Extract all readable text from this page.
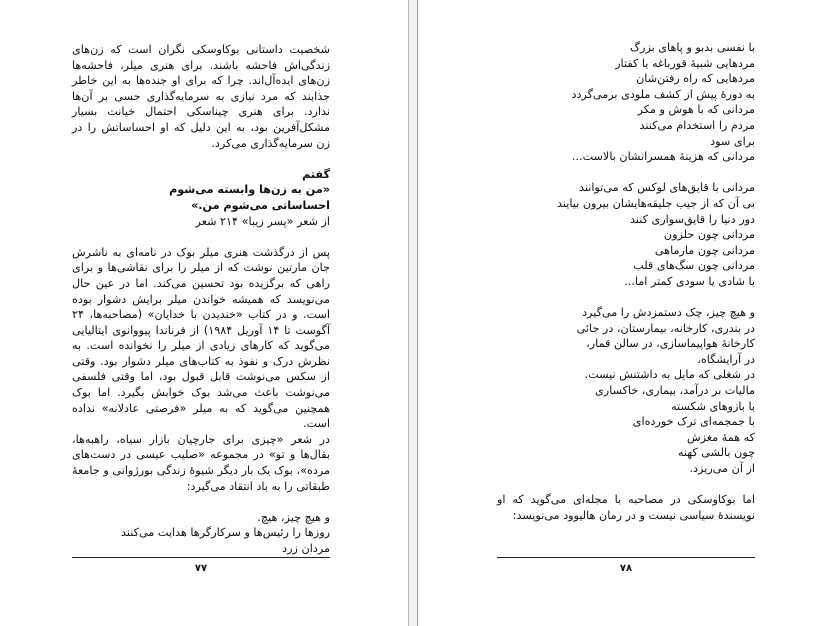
شخصیت داستانی بوکاوسکی نگران است که زن‌های زندگی‌اش فاحشه باشند. برای هنری میلر، فاحشه‌ها زن‌های ایده‌آل‌اند. چرا که برای او جنده‌ها به این خاطر جذابند که مرد نیازی به سرمایه‌گذاری حسی بر آن‌ها ندارد. برای هنری چیناسکی احتمال خیانت بسیار مشکل‌آفرین بود، به این دلیل که او احساساتش را در زن سرمایه‌گذاری می‌کرد.

گفتم

«من به زن‌ها وابسته می‌شوم

احساساتی می‌شوم من.»

از شعر «پسر زیبا» ۲۱۴ شعر

پس از درگذشت هنری میلر بوک در نامه‌ای به ناشرش جان مارتین نوشت که از میلر را برای نقاشی‌ها و برای راهی که برگزیده بود تحسین می‌کند. اما در عین حال می‌نویسد که همیشه خواندن میلر برایش دشوار بوده است. و در کتاب «خندیدن با خدایان» (مصاحبه‌ها، ۲۴ آگوست تا ۱۴ آوریل ۱۹۸۴) از فرناندا پیووانوی ایتالیایی می‌گوید که کارهای زیادی از میلر را نخوانده است. به نظرش درک و نفوذ به کتاب‌های میلر دشوار بود. وقتی از سکس می‌نوشت قابل قبول بود، اما وقتی فلسفی می‌نوشت باعث می‌شد بوک خوابش بگیرد. اما بوک همچنین می‌گوید که به میلر «فرصتی عادلانه» نداده است.

در شعر «چیزی برای جارچیان بازار سیاه، راهبه‌ها، بقال‌ها و تو» در مجموعه «صلیب عیسی در دست‌های مرده»، بوک یک بار دیگر شیوهٔ زندگی بورژوانی و جامعهٔ طبقاتی را به باد انتقاد می‌گیرد:

و هیچ چیز، هیچ.

روزها را رئیس‌ها و سرکارگرها هدایت می‌کنند

مردان زرد

۷۷

با نفسی بدبو و پاهای بزرگ

مردهایی شبیهٔ قورباغه یا کفتار

مردهایی که راه رفتن‌شان

به دورهٔ پیش از کشف ملودی برمی‌گردد

مردانی که با هوش و مکر

مردم را استخدام می‌کنند

برای سود

مردانی که هزینهٔ همسرانشان بالاست...

مردانی با قایق‌های لوکس که می‌توانند

بی آن که از جیب جلیقه‌هایشان بیرون بیایند

دور دنیا را قایق‌سواری کنند

مردانی چون حلزون

مردانی چون مارماهی

مردانی چون سگ‌های قلب

با شادی یا سودی کمتر اما...

و هیچ چیز، چک دستمزدش را می‌گیرد

در بندری، کارخانه، بیمارستان، در جائی

کارخانهٔ هواپیماسازی، در سالن قمار،

در آرایشگاه،

در شغلی که مایل به داشتنش نیست.

مالیات بر درآمد، بیماری، خاکساری

با بازوهای شکسته

با جمجمه‌ای ترک خورده‌ای

که همهٔ مغزش

چون بالشی کهنه

از آن می‌ریزد.

اما بوکاوسکی در مصاحبه با مجله‌ای می‌گوید که او نویسندهٔ سیاسی نیست و در رمان هالیوود می‌نویسد:

۷۸
